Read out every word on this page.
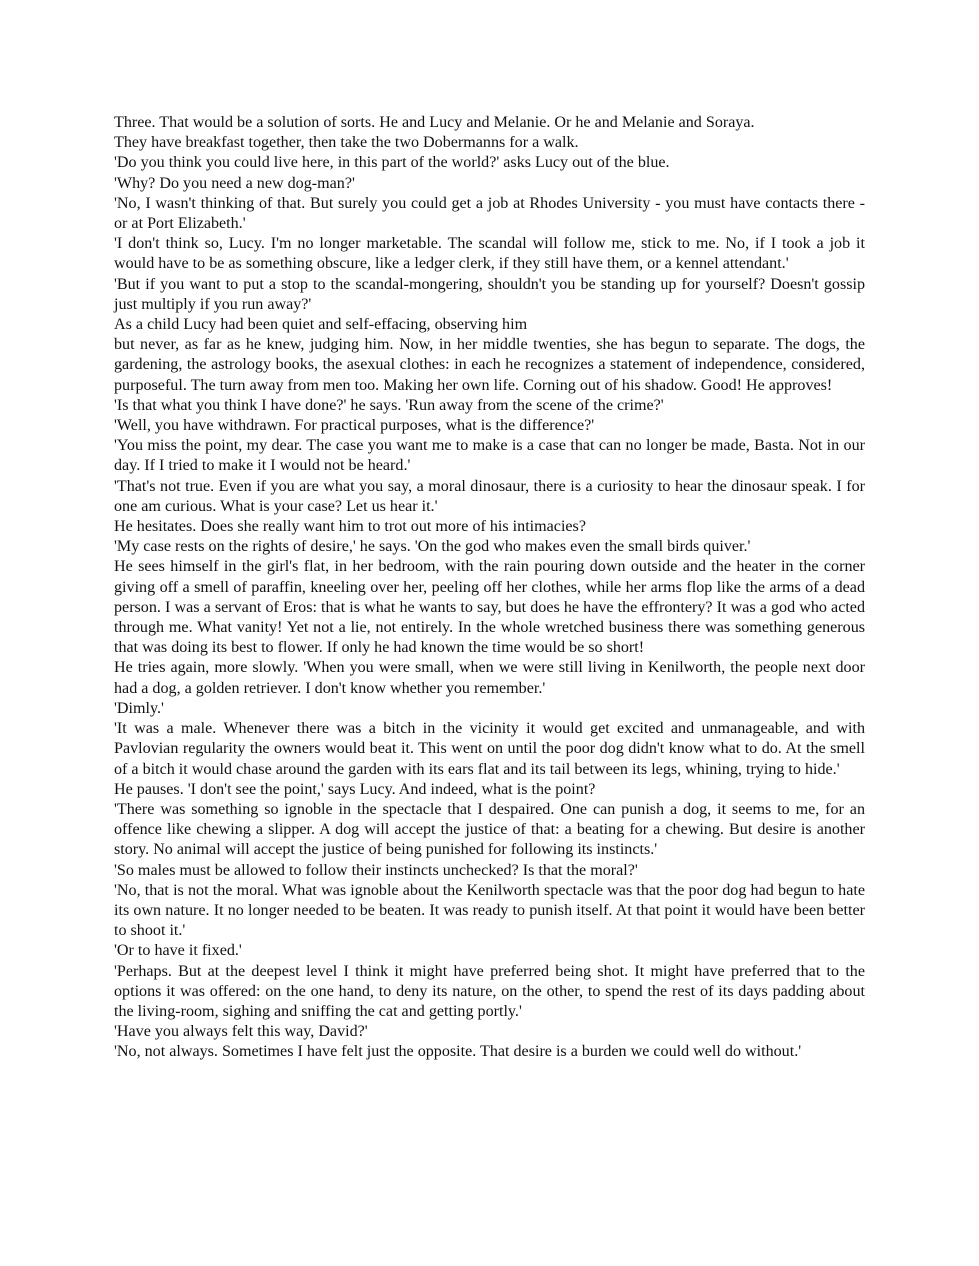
Three. That would be a solution of sorts. He and Lucy and Melanie. Or he and Melanie and Soraya.

They have breakfast together, then take the two Dobermanns for a walk.

'Do you think you could live here, in this part of the world?' asks Lucy out of the blue.

'Why? Do you need a new dog-man?'

'No, I wasn't thinking of that. But surely you could get a job at Rhodes University - you must have contacts there - or at Port Elizabeth.'

'I don't think so, Lucy. I'm no longer marketable. The scandal will follow me, stick to me. No, if I took a job it would have to be as something obscure, like a ledger clerk, if they still have them, or a kennel attendant.'

'But if you want to put a stop to the scandal-mongering, shouldn't you be standing up for yourself? Doesn't gossip just multiply if you run away?'

As a child Lucy had been quiet and self-effacing, observing him

but never, as far as he knew, judging him. Now, in her middle twenties, she has begun to separate. The dogs, the gardening, the astrology books, the asexual clothes: in each he recognizes a statement of independence, considered, purposeful. The turn away from men too. Making her own life. Corning out of his shadow. Good! He approves!

'Is that what you think I have done?' he says. 'Run away from the scene of the crime?'

'Well, you have withdrawn. For practical purposes, what is the difference?'

'You miss the point, my dear. The case you want me to make is a case that can no longer be made, Basta. Not in our day. If I tried to make it I would not be heard.'

'That's not true. Even if you are what you say, a moral dinosaur, there is a curiosity to hear the dinosaur speak. I for one am curious. What is your case? Let us hear it.'

He hesitates. Does she really want him to trot out more of his intimacies?

'My case rests on the rights of desire,' he says. 'On the god who makes even the small birds quiver.'

He sees himself in the girl's flat, in her bedroom, with the rain pouring down outside and the heater in the corner giving off a smell of paraffin, kneeling over her, peeling off her clothes, while her arms flop like the arms of a dead person. I was a servant of Eros: that is what he wants to say, but does he have the effrontery? It was a god who acted through me. What vanity! Yet not a lie, not entirely. In the whole wretched business there was something generous that was doing its best to flower. If only he had known the time would be so short!

He tries again, more slowly. 'When you were small, when we were still living in Kenilworth, the people next door had a dog, a golden retriever. I don't know whether you remember.'

'Dimly.'

'It was a male. Whenever there was a bitch in the vicinity it would get excited and unmanageable, and with Pavlovian regularity the owners would beat it. This went on until the poor dog didn't know what to do. At the smell of a bitch it would chase around the garden with its ears flat and its tail between its legs, whining, trying to hide.'

He pauses. 'I don't see the point,' says Lucy. And indeed, what is the point?

'There was something so ignoble in the spectacle that I despaired. One can punish a dog, it seems to me, for an offence like chewing a slipper. A dog will accept the justice of that: a beating for a chewing. But desire is another story. No animal will accept the justice of being punished for following its instincts.'

'So males must be allowed to follow their instincts unchecked? Is that the moral?'

'No, that is not the moral. What was ignoble about the Kenilworth spectacle was that the poor dog had begun to hate its own nature. It no longer needed to be beaten. It was ready to punish itself. At that point it would have been better to shoot it.'

'Or to have it fixed.'

'Perhaps. But at the deepest level I think it might have preferred being shot. It might have preferred that to the options it was offered: on the one hand, to deny its nature, on the other, to spend the rest of its days padding about the living-room, sighing and sniffing the cat and getting portly.'

'Have you always felt this way, David?'

'No, not always. Sometimes I have felt just the opposite. That desire is a burden we could well do without.'
